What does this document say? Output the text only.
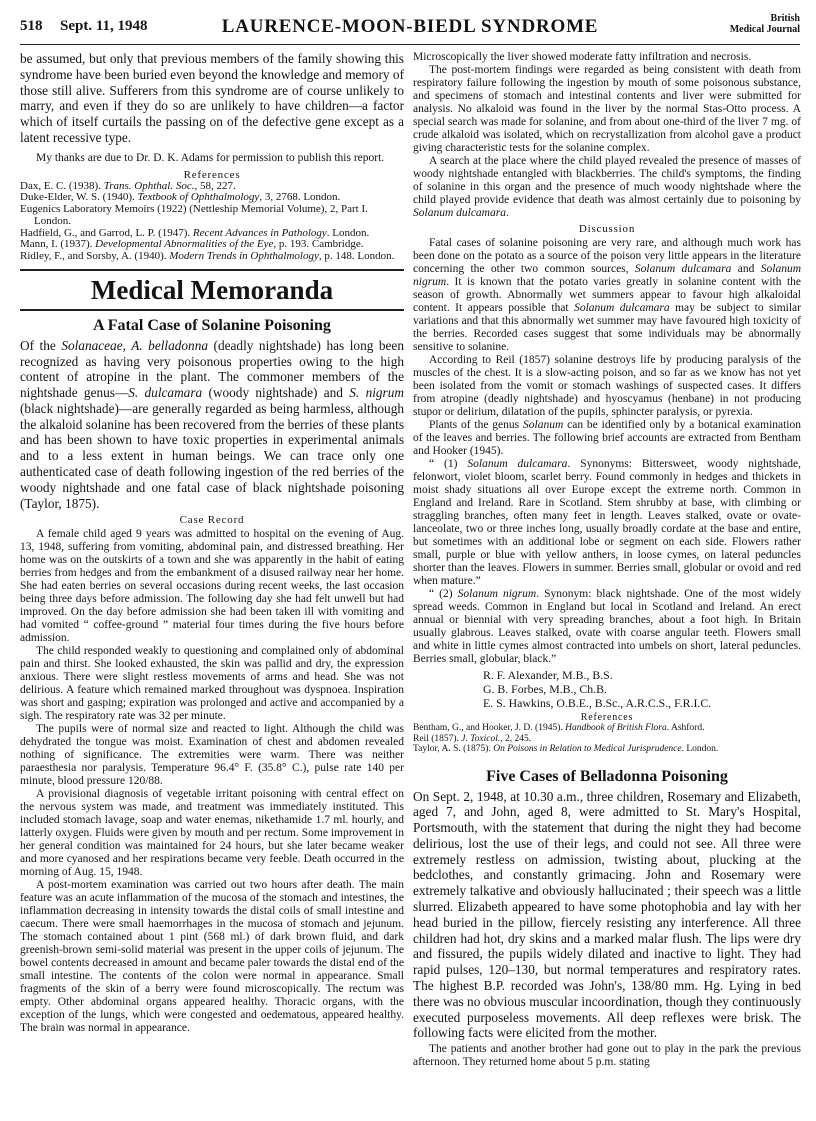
518 Sept. 11, 1948	LAURENCE-MOON-BIEDL SYNDROME	British
Medical Journal

be assumed, but only that previous members of the family showing this syndrome have been buried even beyond the knowledge and memory of those still alive. Sufferers from this syndrome are of course unlikely to marry, and even if they do so are unlikely to have children—a factor which of itself curtails the passing on of the defective gene except as a latent recessive type.

My thanks are due to Dr. D. K. Adams for permission to publish this report.

References
Dax, E. C. (1938). Trans. Ophthal. Soc., 58, 227.
Duke-Elder, W. S. (1940). Textbook of Ophthalmology, 3, 2768. London.
Eugenics Laboratory Memoirs (1922) (Nettleship Memorial Volume), 2, Part I. London.
Hadfield, G., and Garrod, L. P. (1947). Recent Advances in Pathology. London.
Mann, I. (1937). Developmental Abnormalities of the Eye, p. 193. Cambridge.
Ridley, F., and Sorsby, A. (1940). Modern Trends in Ophthalmology, p. 148. London.
Medical Memoranda
A Fatal Case of Solanine Poisoning

Of the Solanaceae, A. belladonna (deadly nightshade) has long been recognized as having very poisonous properties owing to the high content of atropine in the plant. The commoner members of the nightshade genus—S. dulcamara (woody nightshade) and S. nigrum (black nightshade)—are generally regarded as being harmless, although the alkaloid solanine has been recovered from the berries of these plants and has been shown to have toxic properties in experimental animals and to a less extent in human beings. We can trace only one authenticated case of death following ingestion of the red berries of the woody nightshade and one fatal case of black nightshade poisoning (Taylor, 1875).

Case Record

A female child aged 9 years was admitted to hospital on the evening of Aug. 13, 1948, suffering from vomiting, abdominal pain, and distressed breathing. Her home was on the outskirts of a town and she was apparently in the habit of eating berries from hedges and from the embankment of a disused railway near her home. She had eaten berries on several occasions during recent weeks, the last occasion being three days before admission. The following day she had felt unwell but had improved. On the day before admission she had been taken ill with vomiting and had vomited “ coffee-ground ” material four times during the five hours before admission.

The child responded weakly to questioning and complained only of abdominal pain and thirst. She looked exhausted, the skin was pallid and dry, the expression anxious. There were slight restless movements of arms and head. She was not delirious. A feature which remained marked throughout was dyspnoea. Inspiration was short and gasping; expiration was prolonged and active and accompanied by a sigh. The respiratory rate was 32 per minute.

The pupils were of normal size and reacted to light. Although the child was dehydrated the tongue was moist. Examination of chest and abdomen revealed nothing of significance. The extremities were warm. There was neither paraesthesia nor paralysis. Temperature 96.4° F. (35.8° C.), pulse rate 140 per minute, blood pressure 120/88.

A provisional diagnosis of vegetable irritant poisoning with central effect on the nervous system was made, and treatment was immediately instituted. This included stomach lavage, soap and water enemas, nikethamide 1.7 ml. hourly, and latterly oxygen. Fluids were given by mouth and per rectum. Some improvement in her general condition was maintained for 24 hours, but she later became weaker and more cyanosed and her respirations became very feeble. Death occurred in the morning of Aug. 15, 1948.

A post-mortem examination was carried out two hours after death. The main feature was an acute inflammation of the mucosa of the stomach and intestines, the inflammation decreasing in intensity towards the distal coils of small intestine and caecum. There were small haemorrhages in the mucosa of stomach and jejunum. The stomach contained about 1 pint (568 ml.) of dark brown fluid, and dark greenish-brown semi-solid material was present in the upper coils of jejunum. The bowel contents decreased in amount and became paler towards the distal end of the small intestine. The contents of the colon were normal in appearance. Small fragments of the skin of a berry were found microscopically. The rectum was empty. Other abdominal organs appeared healthy. Thoracic organs, with the exception of the lungs, which were congested and oedematous, appeared healthy. The brain was normal in appearance.

Microscopically the liver showed moderate fatty infiltration and necrosis.

The post-mortem findings were regarded as being consistent with death from respiratory failure following the ingestion by mouth of some poisonous substance, and specimens of stomach and intestinal contents and liver were submitted for analysis. No alkaloid was found in the liver by the normal Stas-Otto process. A special search was made for solanine, and from about one-third of the liver 7 mg. of crude alkaloid was isolated, which on recrystallization from alcohol gave a product giving characteristic tests for the solanine complex.

A search at the place where the child played revealed the presence of masses of woody nightshade entangled with blackberries. The child's symptoms, the finding of solanine in this organ and the presence of much woody nightshade where the child played provide evidence that death was almost certainly due to poisoning by Solanum dulcamara.

Discussion

Fatal cases of solanine poisoning are very rare, and although much work has been done on the potato as a source of the poison very little appears in the literature concerning the other two common sources, Solanum dulcamara and Solanum nigrum. It is known that the potato varies greatly in solanine content with the season of growth. Abnormally wet summers appear to favour high alkaloidal content. It appears possible that Solanum dulcamara may be subject to similar variations and that this abnormally wet summer may have favoured high toxicity of the berries. Recorded cases suggest that some individuals may be abnormally sensitive to solanine.

According to Reil (1857) solanine destroys life by producing paralysis of the muscles of the chest. It is a slow-acting poison, and so far as we know has not yet been isolated from the vomit or stomach washings of suspected cases. It differs from atropine (deadly nightshade) and hyoscyamus (henbane) in not producing stupor or delirium, dilatation of the pupils, sphincter paralysis, or pyrexia.

Plants of the genus Solanum can be identified only by a botanical examination of the leaves and berries. The following brief accounts are extracted from Bentham and Hooker (1945).

“ (1) Solanum dulcamara. Synonyms: Bittersweet, woody nightshade, felonwort, violet bloom, scarlet berry. Found commonly in hedges and thickets in moist shady situations all over Europe except the extreme north. Common in England and Ireland. Rare in Scotland. Stem shrubby at base, with climbing or straggling branches, often many feet in length. Leaves stalked, ovate or ovate-lanceolate, two or three inches long, usually broadly cordate at the base and entire, but sometimes with an additional lobe or segment on each side. Flowers rather small, purple or blue with yellow anthers, in loose cymes, on lateral peduncles shorter than the leaves. Flowers in summer. Berries small, globular or ovoid and red when mature.”

“ (2) Solanum nigrum. Synonym: black nightshade. One of the most widely spread weeds. Common in England but local in Scotland and Ireland. An erect annual or biennial with very spreading branches, about a foot high. In Britain usually glabrous. Leaves stalked, ovate with coarse angular teeth. Flowers small and white in little cymes almost contracted into umbels on short, lateral peduncles. Berries small, globular, black.”

R. F. Alexander, M.B., B.S.
G. B. Forbes, M.B., Ch.B.
E. S. Hawkins, O.B.E., B.Sc., A.R.C.S., F.R.I.C.
References
Bentham, G., and Hooker, J. D. (1945). Handbook of British Flora. Ashford.
Reil (1857). J. Toxicol., 2, 245.
Taylor, A. S. (1875). On Poisons in Relation to Medical Jurisprudence. London.
Five Cases of Belladonna Poisoning

On Sept. 2, 1948, at 10.30 a.m., three children, Rosemary and Elizabeth, aged 7, and John, aged 8, were admitted to St. Mary's Hospital, Portsmouth, with the statement that during the night they had become delirious, lost the use of their legs, and could not see. All three were extremely restless on admission, twisting about, plucking at the bedclothes, and constantly grimacing. John and Rosemary were extremely talkative and obviously hallucinated ; their speech was a little slurred. Elizabeth appeared to have some photophobia and lay with her head buried in the pillow, fiercely resisting any interference. All three children had hot, dry skins and a marked malar flush. The lips were dry and fissured, the pupils widely dilated and inactive to light. They had rapid pulses, 120–130, but normal temperatures and respiratory rates. The highest B.P. recorded was John's, 138/80 mm. Hg. Lying in bed there was no obvious muscular incoordination, though they continuously executed purposeless movements. All deep reflexes were brisk. The following facts were elicited from the mother.

The patients and another brother had gone out to play in the park the previous afternoon. They returned home about 5 p.m. stating
